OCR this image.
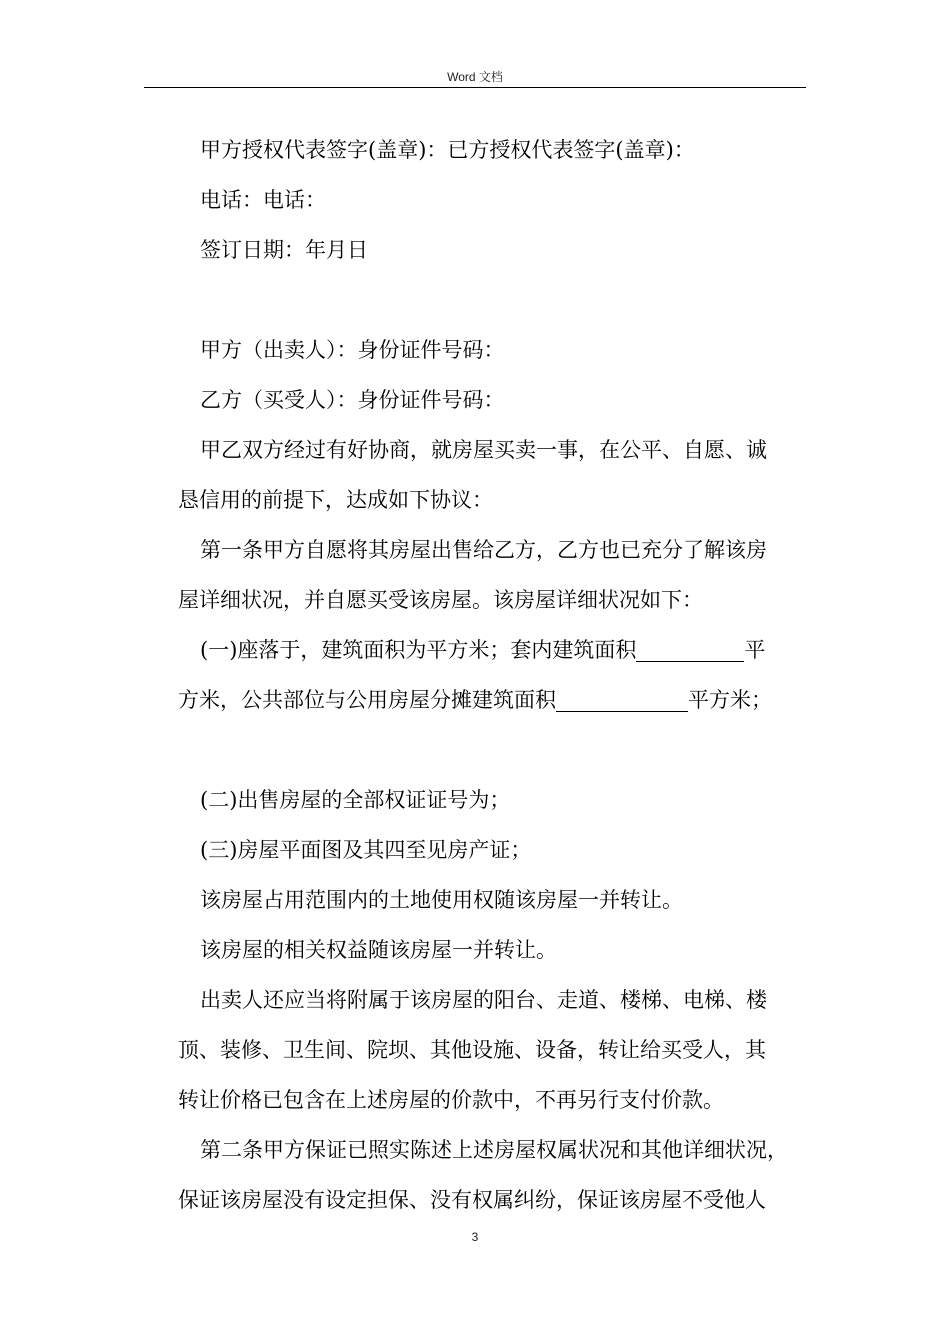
Word 文档
甲方授权代表签字(盖章)：已方授权代表签字(盖章)：
电话：电话：
签订日期：年月日
甲方（出卖人）：身份证件号码：
乙方（买受人）：身份证件号码：
甲乙双方经过有好协商，就房屋买卖一事，在公平、自愿、诚
恳信用的前提下，达成如下协议：
第一条甲方自愿将其房屋出售给乙方，乙方也已充分了解该房
屋详细状况，并自愿买受该房屋。该房屋详细状况如下：
(一)座落于，建筑面积为平方米；套内建筑面积	平
方米，公共部位与公用房屋分摊建筑面积	平方米；
(二)出售房屋的全部权证证号为；
(三)房屋平面图及其四至见房产证；
该房屋占用范围内的土地使用权随该房屋一并转让。
该房屋的相关权益随该房屋一并转让。
出卖人还应当将附属于该房屋的阳台、走道、楼梯、电梯、楼
顶、装修、卫生间、院坝、其他设施、设备，转让给买受人，其
转让价格已包含在上述房屋的价款中，不再另行支付价款。
第二条甲方保证已照实陈述上述房屋权属状况和其他详细状况，
保证该房屋没有设定担保、没有权属纠纷，保证该房屋不受他人
3
